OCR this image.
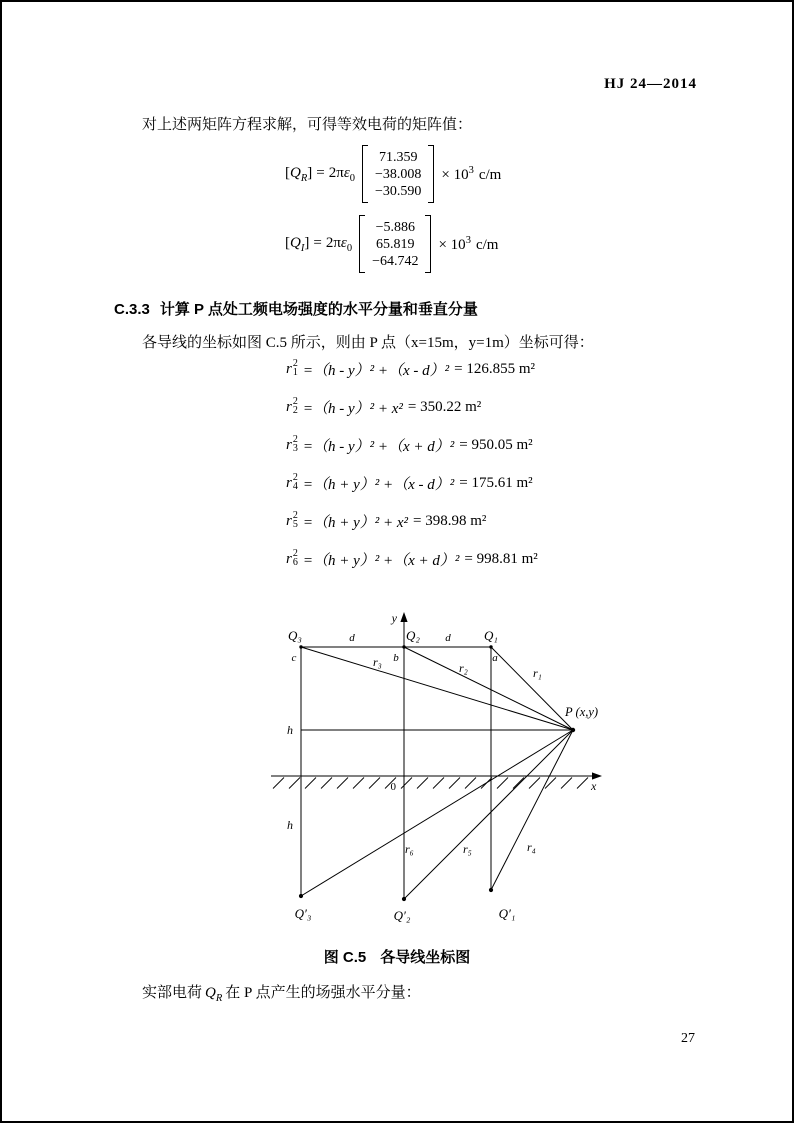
HJ 24—2014

对上述两矩阵方程求解，可得等效电荷的矩阵值：

$[Q_R] = 2\pi\varepsilon_0$
71.359
−38.008
−30.590
× $10^3$ c/m
$[Q_I] = 2\pi\varepsilon_0$
−5.886
65.819
−64.742
× $10^3$ c/m
C.3.3 计算 P 点处工频电场强度的水平分量和垂直分量

各导线的坐标如图 C.5 所示，则由 P 点（x=15m，y=1m）坐标可得：

r 2
1 =（h - y）² +（x - d）² = 126.855 m²
r 2
2 =（h - y）² + x² = 350.22 m²
r 2
3 =（h - y）² +（x + d）² = 950.05 m²
r 2
4 =（h + y）² +（x - d）² = 175.61 m²
r 2
5 =（h + y）² + x² = 398.98 m²
r 2
6 =（h + y）² +（x + d）² = 998.81 m²
y
x
0
Q₃	Q₂	Q₁
d	d
c	b	a
r₃	r₂	r₁
h
h
P (x,y)
r₆	r₅	r₄
Q′₃	Q′₂	Q′₁
图 C.5 各导线坐标图

实部电荷 $Q_R$ 在 P 点产生的场强水平分量：

27
